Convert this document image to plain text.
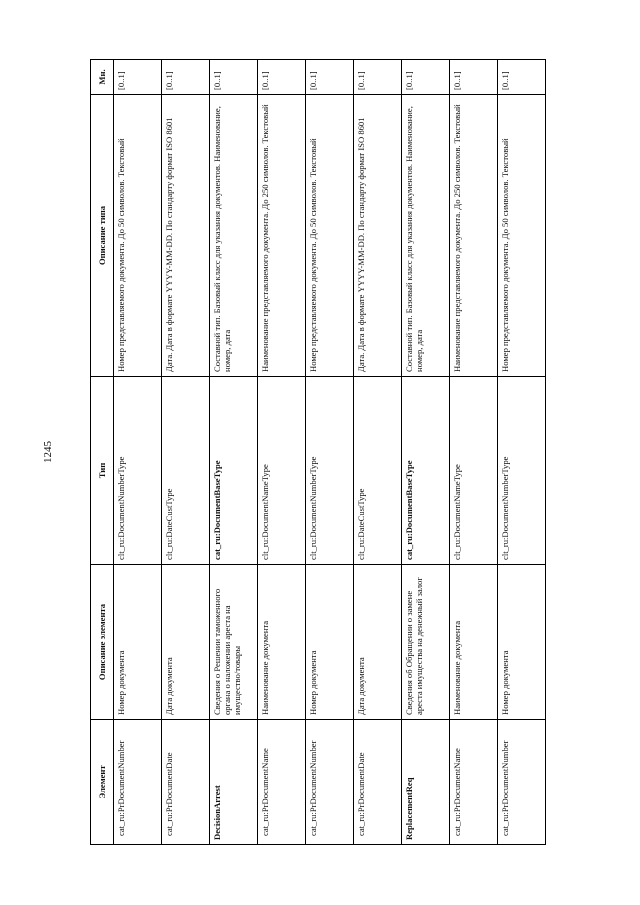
1245
Элемент	Описание элемента	Тип	Описание типа	Мн.
cat_ru:PrDocumentNumber	Номер документа	clt_ru:DocumentNumberType	Номер представляемого документа. До 50 символов. Текстовый	[0..1]
cat_ru:PrDocumentDate	Дата документа	clt_ru:DateCustType	Дата. Дата в формате YYYY-MM-DD. По стандарту формат ISO 8601	[0..1]
DecisionArrest	Сведения о Решении таможенного органа о наложении ареста на имущество/товары	cat_ru:DocumentBaseType	Составной тип. Базовый класс для указания документов. Наименование, номер, дата	[0..1]
cat_ru:PrDocumentName	Наименование документа	clt_ru:DocumentNameType	Наименование представляемого документа. До 250 символов. Текстовый	[0..1]
cat_ru:PrDocumentNumber	Номер документа	clt_ru:DocumentNumberType	Номер представляемого документа. До 50 символов. Текстовый	[0..1]
cat_ru:PrDocumentDate	Дата документа	clt_ru:DateCustType	Дата. Дата в формате YYYY-MM-DD. По стандарту формат ISO 8601	[0..1]
ReplacementReq	Сведения об Обращении о замене ареста имущества на денежный залог	cat_ru:DocumentBaseType	Составной тип. Базовый класс для указания документов. Наименование, номер, дата	[0..1]
cat_ru:PrDocumentName	Наименование документа	clt_ru:DocumentNameType	Наименование представляемого документа. До 250 символов. Текстовый	[0..1]
cat_ru:PrDocumentNumber	Номер документа	clt_ru:DocumentNumberType	Номер представляемого документа. До 50 символов. Текстовый	[0..1]
